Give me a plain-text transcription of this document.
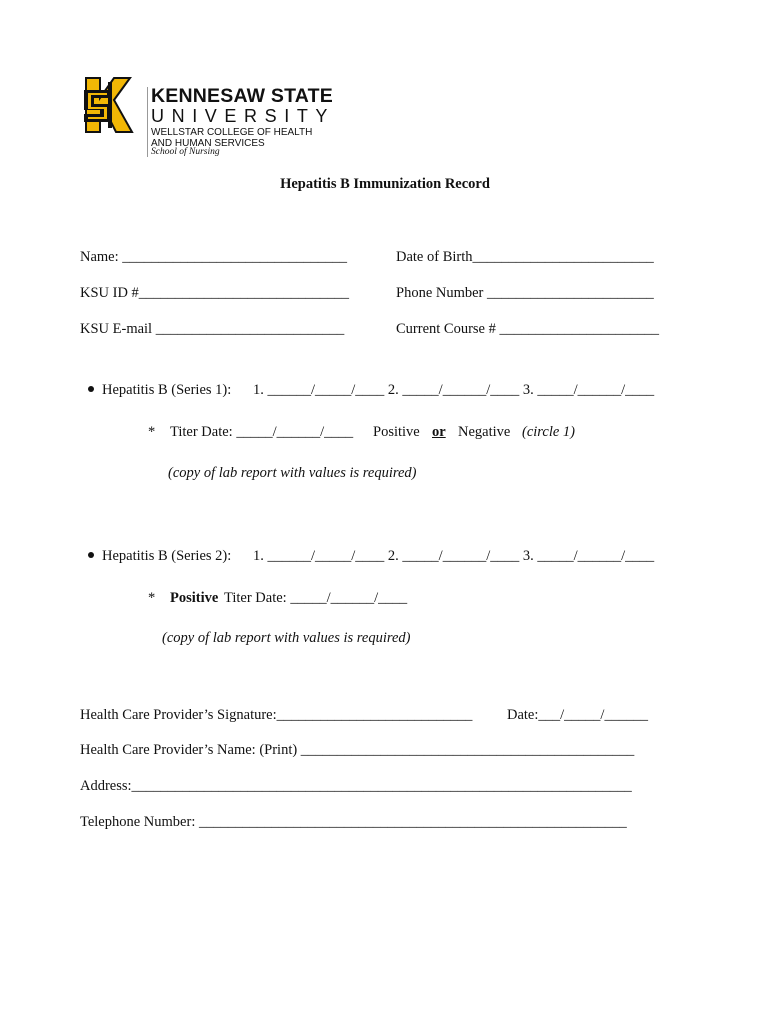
KENNESAW STATE
UNIVERSITY
WELLSTAR COLLEGE OF HEALTH
AND HUMAN SERVICES
School of Nursing
Hepatitis B Immunization Record
Name: _______________________________	Date of Birth_________________________
KSU ID #_____________________________	Phone Number _______________________
KSU E-mail __________________________	Current Course # ______________________
Hepatitis B (Series 1): 1. ______/_____/____ 2. _____/______/____ 3. _____/______/____
* Titer Date: _____/______/____ Positive or Negative (circle 1)
(copy of lab report with values is required)
Hepatitis B (Series 2): 1. ______/_____/____ 2. _____/______/____ 3. _____/______/____
* Positive Titer Date: _____/______/____
(copy of lab report with values is required)
Health Care Provider’s Signature:___________________________ Date:___/_____/______
Health Care Provider’s Name: (Print) ______________________________________________
Address:_____________________________________________________________________
Telephone Number: ___________________________________________________________
